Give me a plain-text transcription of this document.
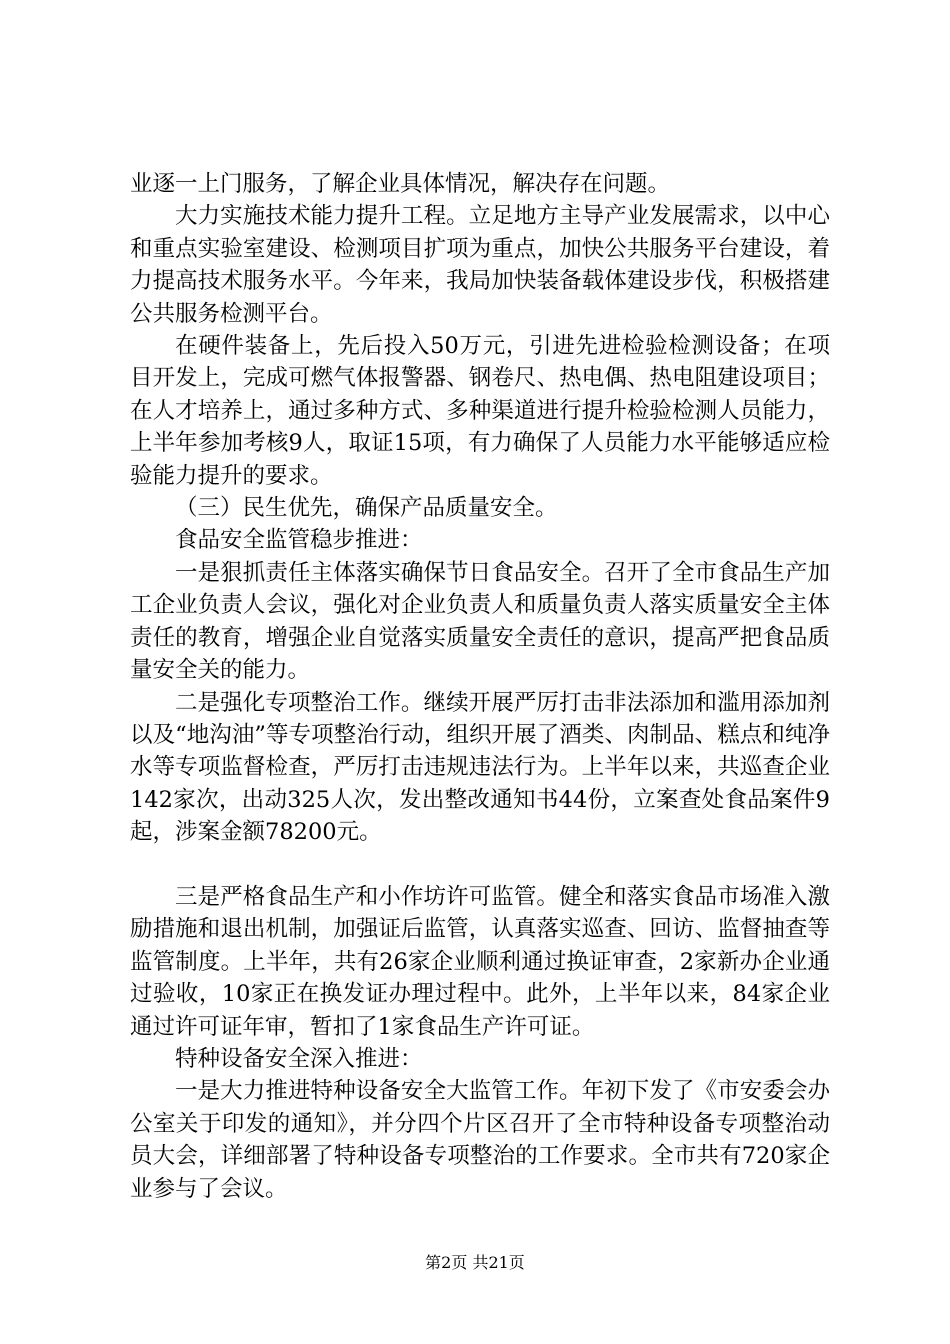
业逐一上门服务，了解企业具体情况，解决存在问题。

大力实施技术能力提升工程。立足地方主导产业发展需求，以中心和重点实验室建设、检测项目扩项为重点，加快公共服务平台建设，着力提高技术服务水平。今年来，我局加快装备载体建设步伐，积极搭建公共服务检测平台。

在硬件装备上，先后投入50万元，引进先进检验检测设备；在项目开发上，完成可燃气体报警器、钢卷尺、热电偶、热电阻建设项目；在人才培养上，通过多种方式、多种渠道进行提升检验检测人员能力，上半年参加考核9人，取证15项，有力确保了人员能力水平能够适应检验能力提升的要求。

（三）民生优先，确保产品质量安全。

食品安全监管稳步推进：

一是狠抓责任主体落实确保节日食品安全。召开了全市食品生产加工企业负责人会议，强化对企业负责人和质量负责人落实质量安全主体责任的教育，增强企业自觉落实质量安全责任的意识，提高严把食品质量安全关的能力。

二是强化专项整治工作。继续开展严厉打击非法添加和滥用添加剂以及“地沟油”等专项整治行动，组织开展了酒类、肉制品、糕点和纯净水等专项监督检查，严厉打击违规违法行为。上半年以来，共巡查企业142家次，出动325人次，发出整改通知书44份，立案查处食品案件9起，涉案金额78200元。

三是严格食品生产和小作坊许可监管。健全和落实食品市场准入激励措施和退出机制，加强证后监管，认真落实巡查、回访、监督抽查等监管制度。上半年，共有26家企业顺利通过换证审查，2家新办企业通过验收，10家正在换发证办理过程中。此外，上半年以来，84家企业通过许可证年审，暂扣了1家食品生产许可证。

特种设备安全深入推进：

一是大力推进特种设备安全大监管工作。年初下发了《市安委会办公室关于印发的通知》，并分四个片区召开了全市特种设备专项整治动员大会，详细部署了特种设备专项整治的工作要求。全市共有720家企业参与了会议。

第2页 共21页
